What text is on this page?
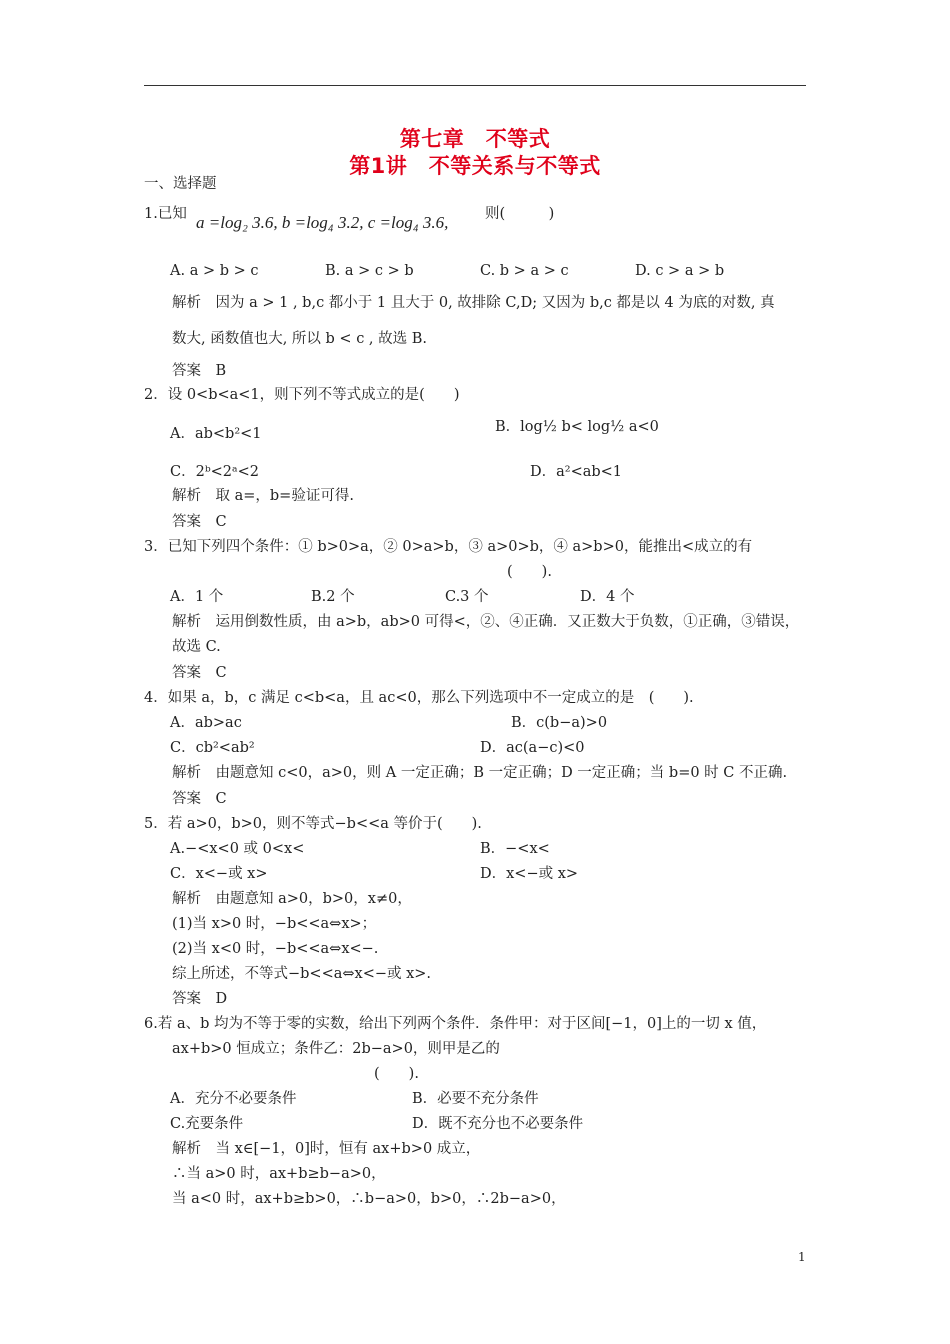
第七章　不等式
第1讲　不等关系与不等式
一、选择题
1.已知 a =log₂ 3.6, b =log₄ 3.2, c =log₄ 3.6,	则(　　　)
A. a > b > c	B. a > c > b	C. b > a > c	D. c > a > b
解析　因为 a > 1 , b,c 都小于 1 且大于 0, 故排除 C,D; 又因为 b,c 都是以 4 为底的对数, 真
数大, 函数值也大, 所以 b < c , 故选 B.
答案　B
2．设 0<b<a<1，则下列不等式成立的是(　　)
A．ab<b²<1	B．log½ b< log½ a<0
C．2ᵇ<2ᵃ<2	D．a²<ab<1
解析　取 a=，b=验证可得.
答案　C
3．已知下列四个条件：① b>0>a，② 0>a>b，③ a>0>b，④ a>b>0，能推出<成立的有
(　　).
A．1 个	B.2 个	C.3 个	D．4 个
解析　运用倒数性质，由 a>b，ab>0 可得<，②、④正确．又正数大于负数，①正确，③错误，
故选 C.
答案　C
4．如果 a，b，c 满足 c<b<a，且 ac<0，那么下列选项中不一定成立的是　(　　).
A．ab>ac	B．c(b−a)>0
C．cb²<ab²	D．ac(a−c)<0
解析　由题意知 c<0，a>0，则 A 一定正确；B 一定正确；D 一定正确；当 b=0 时 C 不正确.
答案　C
5．若 a>0，b>0，则不等式−b<<a 等价于(　　).
A.−<x<0 或 0<x<	B．−<x<
C．x<−或 x>	D．x<−或 x>
解析　由题意知 a>0，b>0，x≠0，
(1)当 x>0 时，−b<<a⇔x>；
(2)当 x<0 时，−b<<a⇔x<−.
综上所述，不等式−b<<a⇔x<−或 x>.
答案　D
6.若 a、b 均为不等于零的实数，给出下列两个条件．条件甲：对于区间[−1，0]上的一切 x 值，
ax+b>0 恒成立；条件乙：2b−a>0，则甲是乙的
(　　).
A．充分不必要条件	B．必要不充分条件
C.充要条件	D．既不充分也不必要条件
解析　当 x∈[−1，0]时，恒有 ax+b>0 成立，
∴当 a>0 时，ax+b≥b−a>0，
当 a<0 时，ax+b≥b>0，∴b−a>0，b>0，∴2b−a>0，
1
